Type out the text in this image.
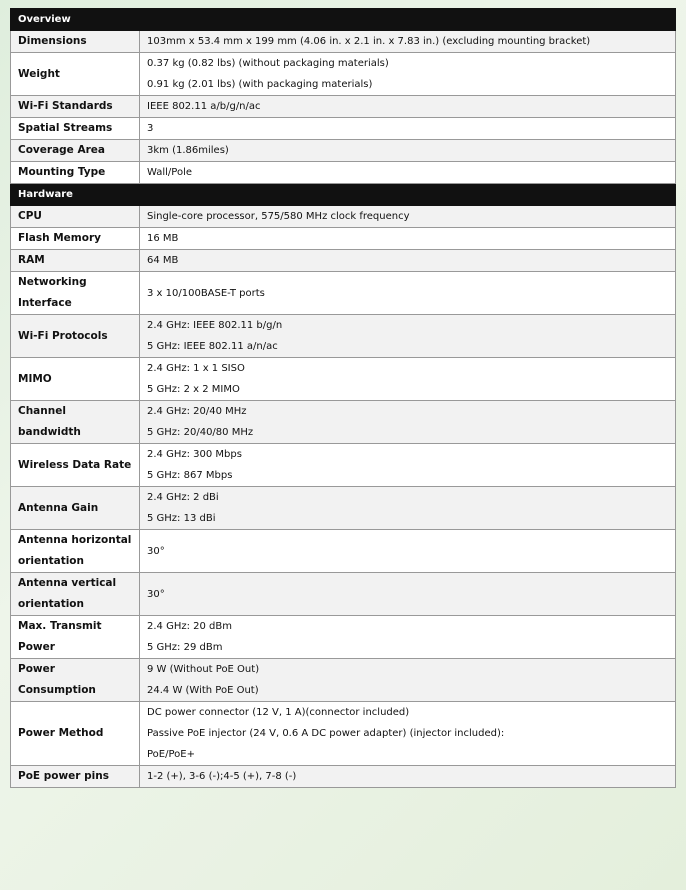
Overview	
Dimensions	103mm x 53.4 mm x 199 mm (4.06 in. x 2.1 in. x 7.83 in.) (excluding mounting bracket)

Weight	0.37 kg (0.82 lbs) (without packaging materials)
0.91 kg (2.01 lbs) (with packaging materials)

Wi-Fi Standards	IEEE 802.11 a/b/g/n/ac

Spatial Streams	3

Coverage Area	3km (1.86miles)

Mounting Type	Wall/Pole

Hardware	
CPU	Single-core processor, 575/580 MHz clock frequency

Flash Memory	16 MB

RAM	64 MB

Networking Interface	3 x 10/100BASE-T ports

Wi-Fi Protocols	2.4 GHz: IEEE 802.11 b/g/n
5 GHz: IEEE 802.11 a/n/ac

MIMO	2.4 GHz: 1 x 1 SISO
5 GHz: 2 x 2 MIMO

Channel bandwidth	2.4 GHz: 20/40 MHz
5 GHz: 20/40/80 MHz

Wireless Data Rate	2.4 GHz: 300 Mbps
5 GHz: 867 Mbps

Antenna Gain	2.4 GHz: 2 dBi
5 GHz: 13 dBi

Antenna horizontal orientation	30°

Antenna vertical orientation	30°

Max. Transmit Power	2.4 GHz: 20 dBm
5 GHz: 29 dBm

Power Consumption	9 W (Without PoE Out)
24.4 W (With PoE Out)

Power Method	DC power connector (12 V, 1 A)(connector included)
Passive PoE injector (24 V, 0.6 A DC power adapter) (injector included):
PoE/PoE+

PoE power pins	1-2 (+), 3-6 (-);4-5 (+), 7-8 (-)
